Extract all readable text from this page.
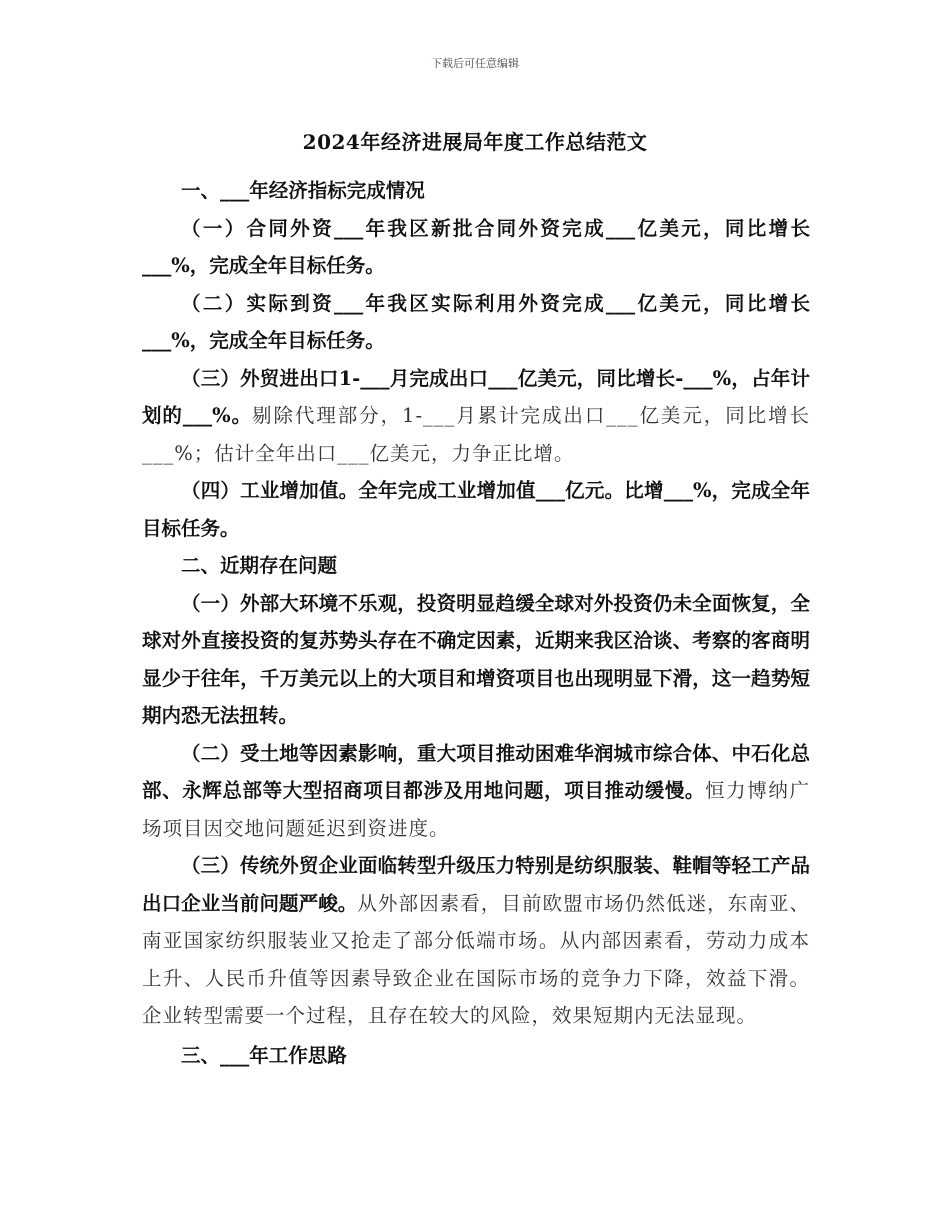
下载后可任意编辑
2024年经济进展局年度工作总结范文

一、___年经济指标完成情况

（一）合同外资___年我区新批合同外资完成___亿美元，同比增长___%，完成全年目标任务。

（二）实际到资___年我区实际利用外资完成___亿美元，同比增长___%，完成全年目标任务。

（三）外贸进出口1-___月完成出口___亿美元，同比增长-___%，占年计划的___%。剔除代理部分，1-___月累计完成出口___亿美元，同比增长___%；估计全年出口___亿美元，力争正比增。

（四）工业增加值。全年完成工业增加值___亿元。比增___%，完成全年目标任务。

二、近期存在问题

（一）外部大环境不乐观，投资明显趋缓全球对外投资仍未全面恢复，全球对外直接投资的复苏势头存在不确定因素，近期来我区洽谈、考察的客商明显少于往年，千万美元以上的大项目和增资项目也出现明显下滑，这一趋势短期内恐无法扭转。

（二）受土地等因素影响，重大项目推动困难华润城市综合体、中石化总部、永辉总部等大型招商项目都涉及用地问题，项目推动缓慢。恒力博纳广场项目因交地问题延迟到资进度。

（三）传统外贸企业面临转型升级压力特别是纺织服装、鞋帽等轻工产品出口企业当前问题严峻。从外部因素看，目前欧盟市场仍然低迷，东南亚、南亚国家纺织服装业又抢走了部分低端市场。从内部因素看，劳动力成本上升、人民币升值等因素导致企业在国际市场的竞争力下降，效益下滑。企业转型需要一个过程，且存在较大的风险，效果短期内无法显现。

三、___年工作思路
